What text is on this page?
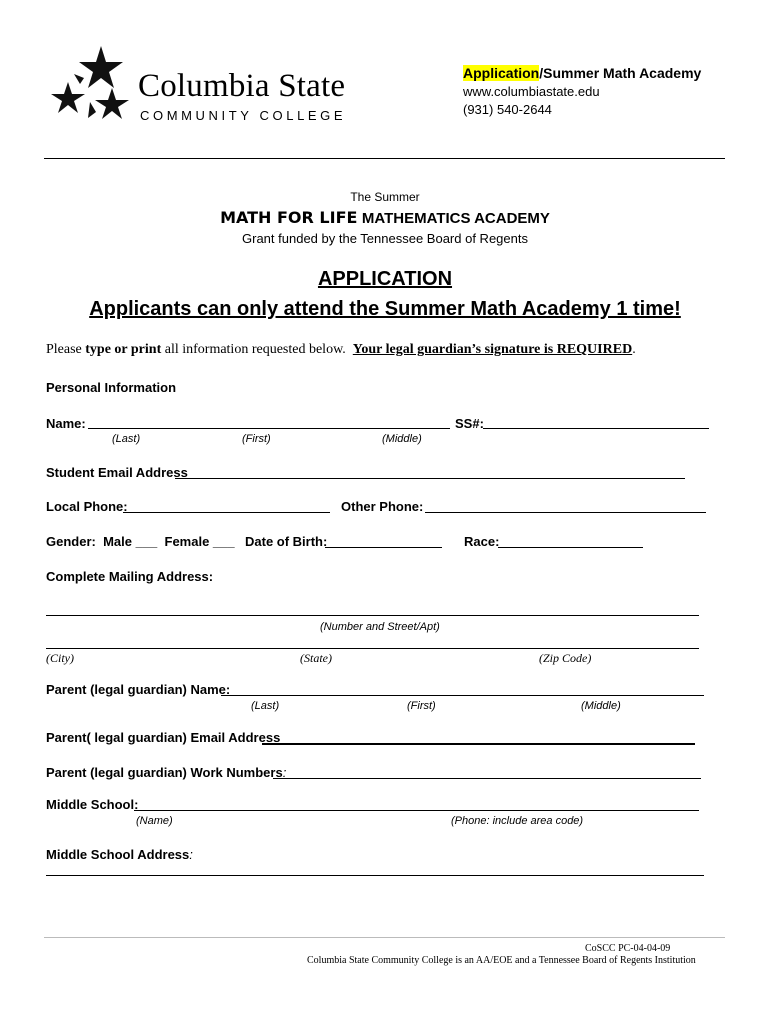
Columbia State
COMMUNITY COLLEGE
Application/Summer Math Academy
www.columbiastate.edu
(931) 540-2644
The Summer
MATH FOR LIFE MATHEMATICS ACADEMY
Grant funded by the Tennessee Board of Regents
APPLICATION
Applicants can only attend the Summer Math Academy 1 time!
Please type or print all information requested below. Your legal guardian’s signature is REQUIRED.
Personal Information
Name:	SS#:
(Last)	(First)	(Middle)
Student Email Address
Local Phone:	Other Phone:
Gender:  Male ___ Female ___ Date of Birth:	Race:
Complete Mailing Address:
(Number and Street/Apt)
(City)	(State)	(Zip Code)
Parent (legal guardian) Name:
(Last)	(First)	(Middle)
Parent( legal guardian) Email Address
Parent (legal guardian) Work Numbers:
Middle School:
(Name)	(Phone: include area code)
Middle School Address:
CoSCC PC-04-04-09
Columbia State Community College is an AA/EOE and a Tennessee Board of Regents Institution
